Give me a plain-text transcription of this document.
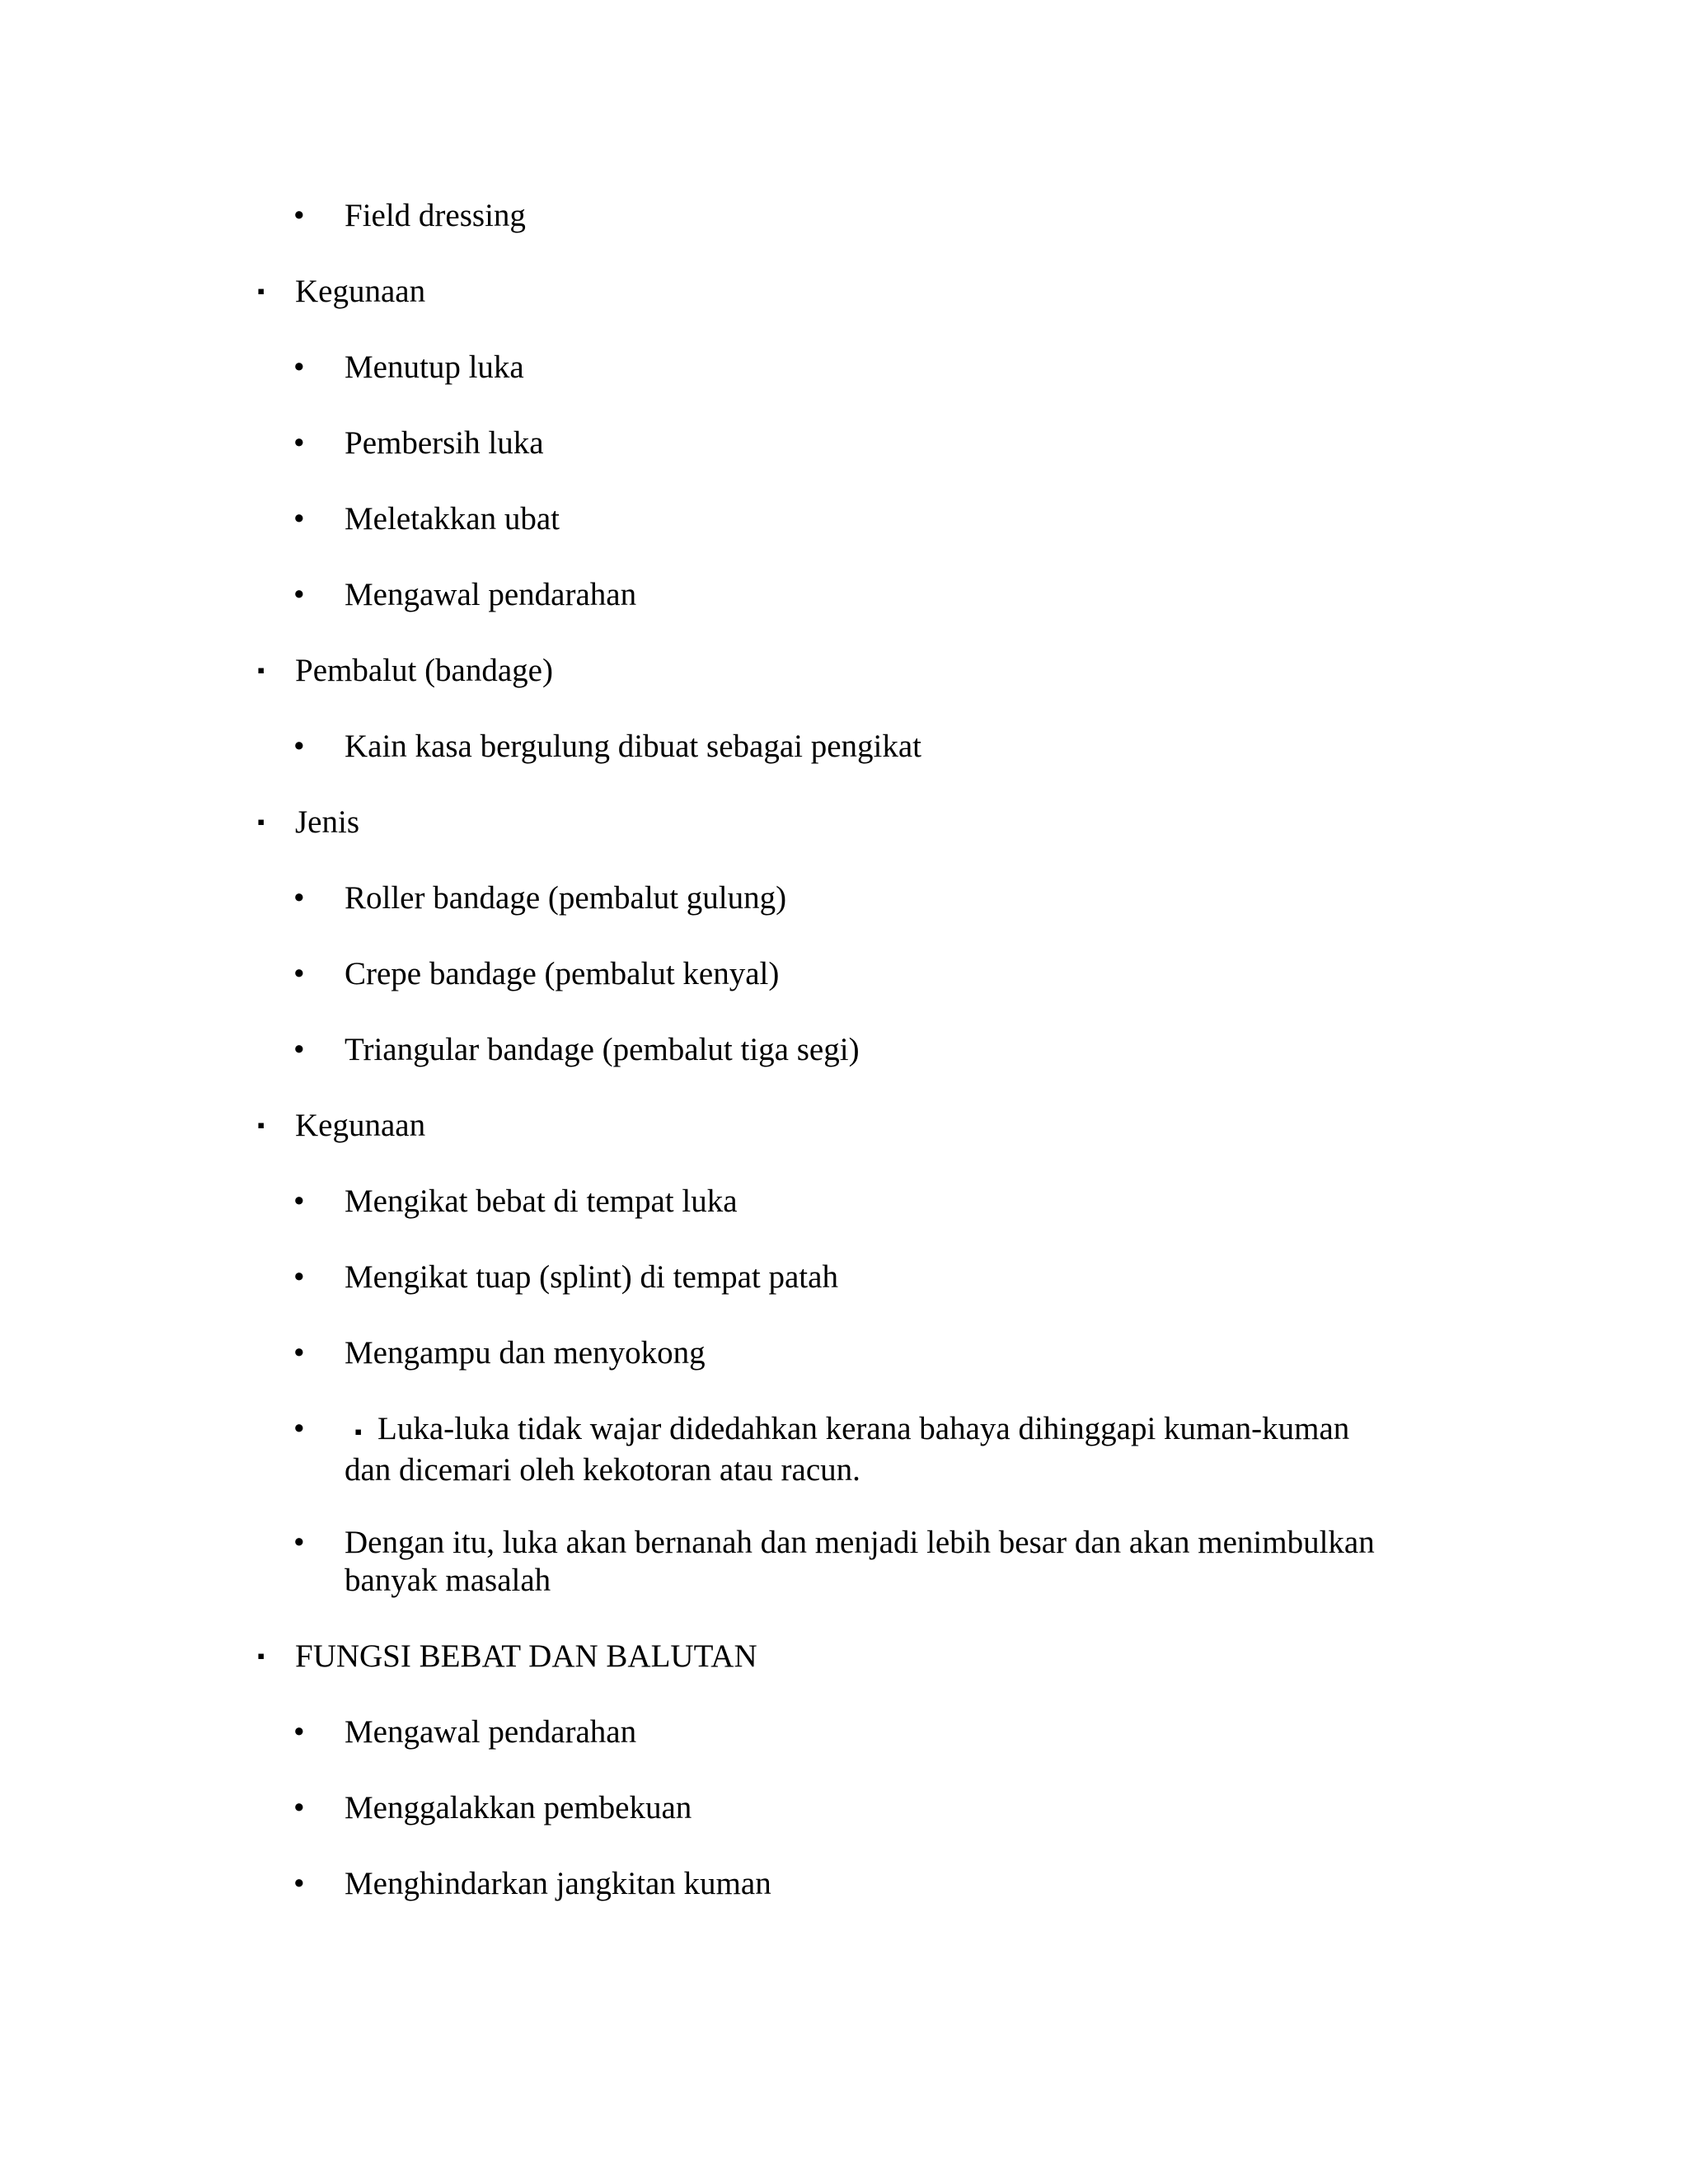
• Field dressing
▪ Kegunaan
• Menutup luka
• Pembersih luka
• Meletakkan ubat
• Mengawal pendarahan
▪ Pembalut (bandage)
• Kain kasa bergulung dibuat sebagai pengikat
▪ Jenis
• Roller bandage (pembalut gulung)
• Crepe bandage (pembalut kenyal)
• Triangular bandage (pembalut tiga segi)
▪ Kegunaan
• Mengikat bebat di tempat luka
• Mengikat tuap (splint) di tempat patah
• Mengampu dan menyokong
•	▪ Luka-luka tidak wajar didedahkan kerana bahaya dihinggapi kuman-kuman
dan dicemari oleh kekotoran atau racun.
• Dengan itu, luka akan bernanah dan menjadi lebih besar dan akan menimbulkan
banyak masalah
▪ FUNGSI BEBAT DAN BALUTAN
• Mengawal pendarahan
• Menggalakkan pembekuan
• Menghindarkan jangkitan kuman
